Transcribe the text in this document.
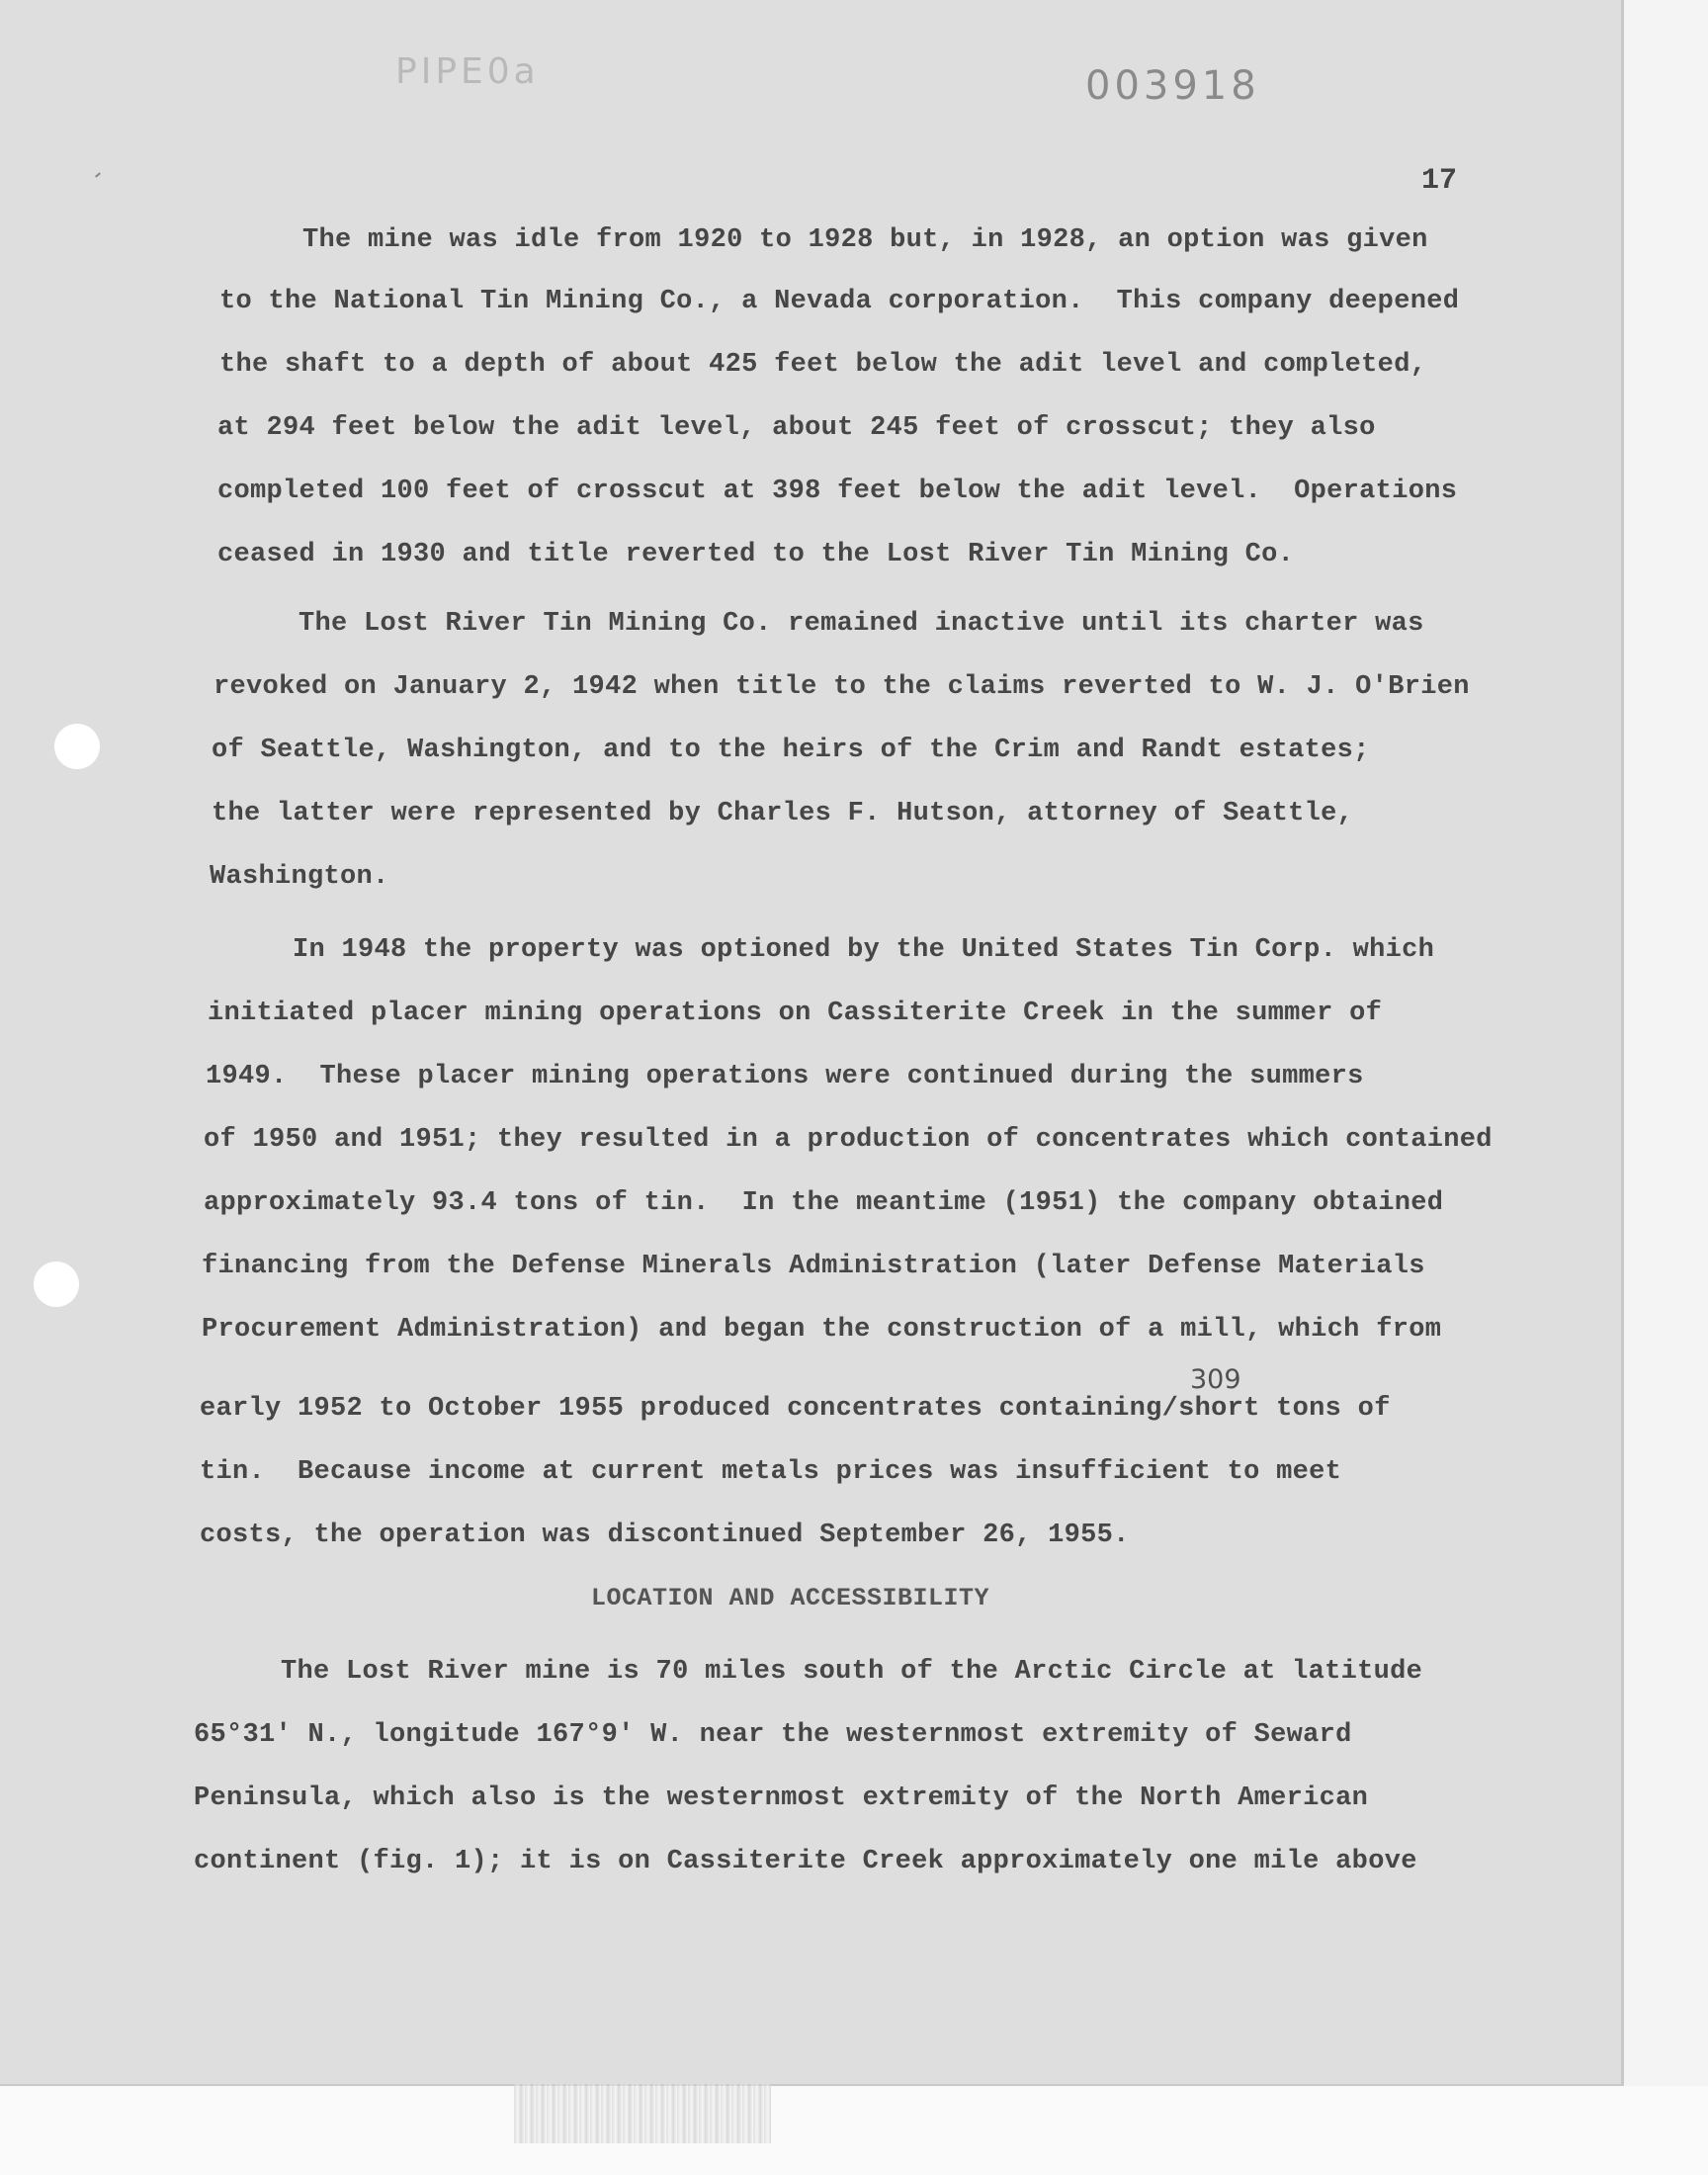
PIPE0a	003918
17
The mine was idle from 1920 to 1928 but, in 1928, an option was given
to the National Tin Mining Co., a Nevada corporation.  This company deepened
the shaft to a depth of about 425 feet below the adit level and completed,
at 294 feet below the adit level, about 245 feet of crosscut; they also
completed 100 feet of crosscut at 398 feet below the adit level.  Operations
ceased in 1930 and title reverted to the Lost River Tin Mining Co.
The Lost River Tin Mining Co. remained inactive until its charter was
revoked on January 2, 1942 when title to the claims reverted to W. J. O'Brien
of Seattle, Washington, and to the heirs of the Crim and Randt estates;
the latter were represented by Charles F. Hutson, attorney of Seattle,
Washington.
In 1948 the property was optioned by the United States Tin Corp. which
initiated placer mining operations on Cassiterite Creek in the summer of
1949.  These placer mining operations were continued during the summers
of 1950 and 1951; they resulted in a production of concentrates which contained
approximately 93.4 tons of tin.  In the meantime (1951) the company obtained
financing from the Defense Minerals Administration (later Defense Materials
Procurement Administration) and began the construction of a mill, which from
early 1952 to October 1955 produced concentrates containing/short tons of
tin.  Because income at current metals prices was insufficient to meet
costs, the operation was discontinued September 26, 1955.
309
LOCATION AND ACCESSIBILITY
The Lost River mine is 70 miles south of the Arctic Circle at latitude
65°31' N., longitude 167°9' W. near the westernmost extremity of Seward
Peninsula, which also is the westernmost extremity of the North American
continent (fig. 1); it is on Cassiterite Creek approximately one mile above
